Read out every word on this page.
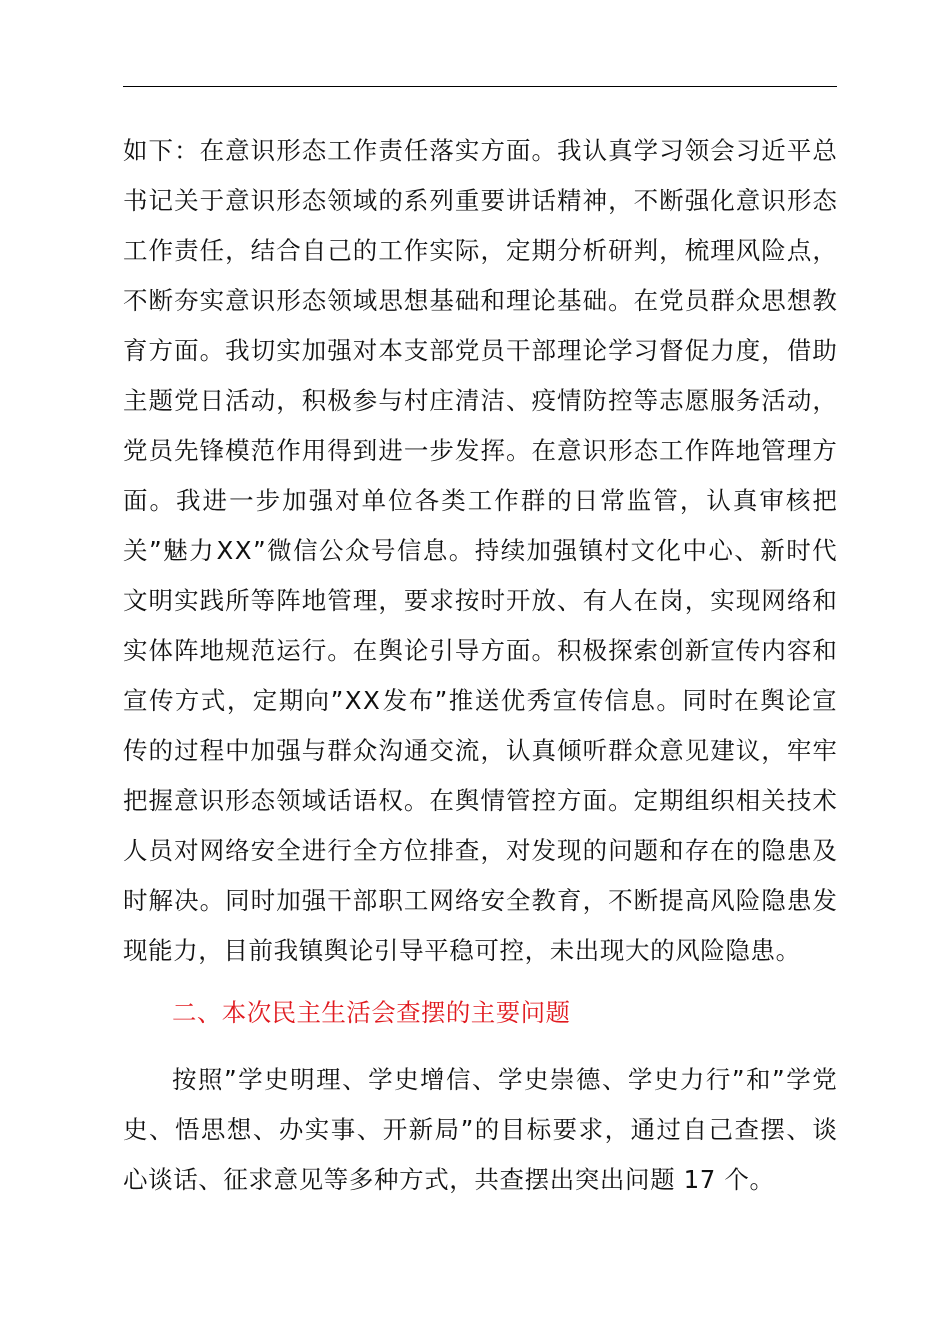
如 下 ： 在 意 识 形 态 工 作 责 任 落 实 方 面 。 我 认 真 学 习 领 会 习 近 平 总
书 记 关 于 意 识 形 态 领 域 的 系 列 重 要 讲 话 精 神 ， 不 断 强 化 意 识 形 态
工 作 责 任 ， 结 合 自 己 的 工 作 实 际 ， 定 期 分 析 研 判 ， 梳 理 风 险 点 ，
不 断 夯 实 意 识 形 态 领 域 思 想 基 础 和 理 论 基 础 。 在 党 员 群 众 思 想 教
育 方 面 。 我 切 实 加 强 对 本 支 部 党 员 干 部 理 论 学 习 督 促 力 度 ， 借 助
主 题 党 日 活 动 ， 积 极 参 与 村 庄 清 洁 、 疫 情 防 控 等 志 愿 服 务 活 动 ，
党 员 先 锋 模 范 作 用 得 到 进 一 步 发 挥 。 在 意 识 形 态 工 作 阵 地 管 理 方
面 。 我 进 一 步 加 强 对 单 位 各 类 工 作 群 的 日 常 监 管 ， 认 真 审 核 把
关 ” 魅 力 X X ” 微 信 公 众 号 信 息 。 持 续 加 强 镇 村 文 化 中 心 、 新 时 代
文 明 实 践 所 等 阵 地 管 理 ， 要 求 按 时 开 放 、 有 人 在 岗 ， 实 现 网 络 和
实 体 阵 地 规 范 运 行 。 在 舆 论 引 导 方 面 。 积 极 探 索 创 新 宣 传 内 容 和
宣 传 方 式 ， 定 期 向 ” X X 发 布 ” 推 送 优 秀 宣 传 信 息 。 同 时 在 舆 论 宣
传 的 过 程 中 加 强 与 群 众 沟 通 交 流 ， 认 真 倾 听 群 众 意 见 建 议 ， 牢 牢
把 握 意 识 形 态 领 域 话 语 权 。 在 舆 情 管 控 方 面 。 定 期 组 织 相 关 技 术
人 员 对 网 络 安 全 进 行 全 方 位 排 查 ， 对 发 现 的 问 题 和 存 在 的 隐 患 及
时 解 决 。 同 时 加 强 干 部 职 工 网 络 安 全 教 育 ， 不 断 提 高 风 险 隐 患 发
现能力，目前我镇舆论引导平稳可控，未出现大的风险隐患。
二、本次民主生活会查摆的主要问题
按 照 ” 学 史 明 理 、 学 史 增 信 、 学 史 崇 德 、 学 史 力 行 ” 和 ” 学 党
史 、 悟 思 想 、 办 实 事 、 开 新 局 ” 的 目 标 要 求 ， 通 过 自 己 查 摆 、 谈
心谈话、征求意见等多种方式，共查摆出突出问题 17 个。
